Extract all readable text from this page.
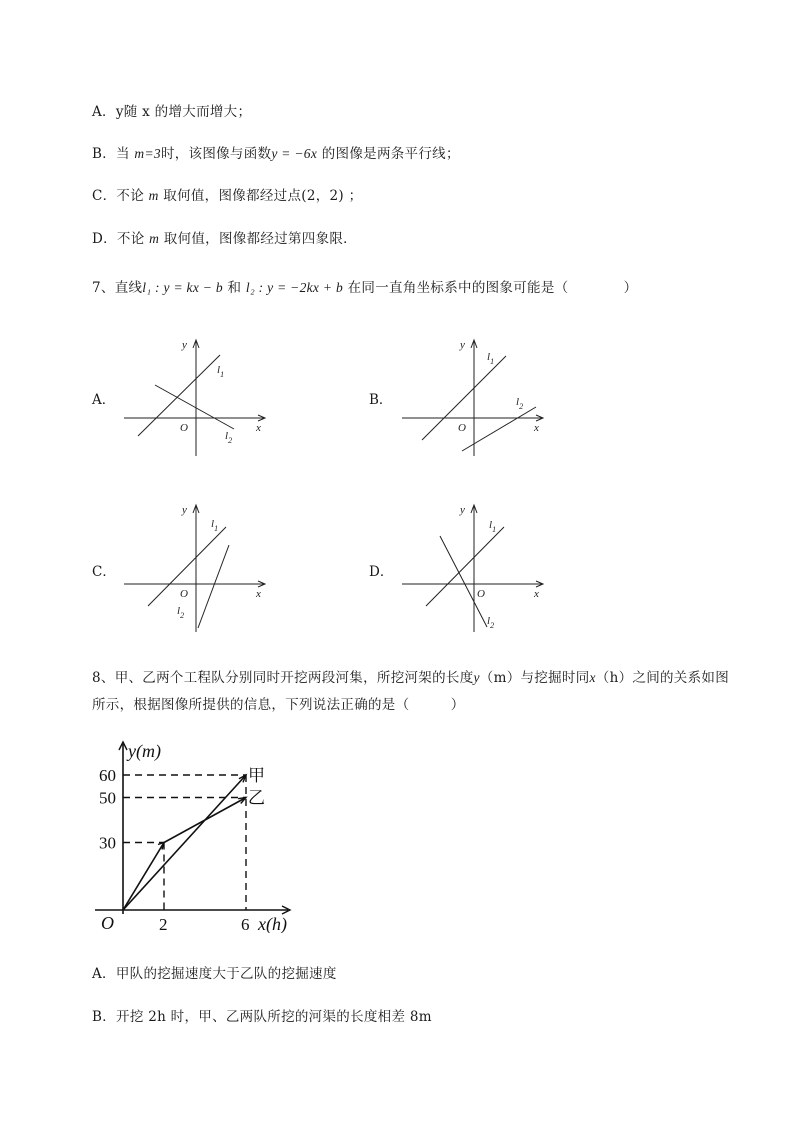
A．y随 x 的增大而增大；
B．当 m=3时，该图像与函数y = −6x 的图像是两条平行线；
C．不论 m 取何值，图像都经过点(2，2) ；
D．不论 m 取何值，图像都经过第四象限．
7、直线l₁ : y = kx − b 和 l₂ : y = −2kx + b 在同一直角坐标系中的图象可能是（　　　　）
A．	B．
C．	D．
y
x
O
$l_1$
$l_2$
y
x
O
$l_1$
$l_2$
y
x
O
$l_1$
$l_2$
y
x
O
$l_1$
$l_2$
8、甲、乙两个工程队分别同时开挖两段河集，所挖河架的长度y（m）与挖掘时同x（h）之间的关系如图所示，根据图像所提供的信息，下列说法正确的是（　　　）
甲
乙
30
50
60
2	6
O
y(m)
x(h)
A．甲队的挖掘速度大于乙队的挖掘速度
B．开挖 2h 时，甲、乙两队所挖的河渠的长度相差 8m
